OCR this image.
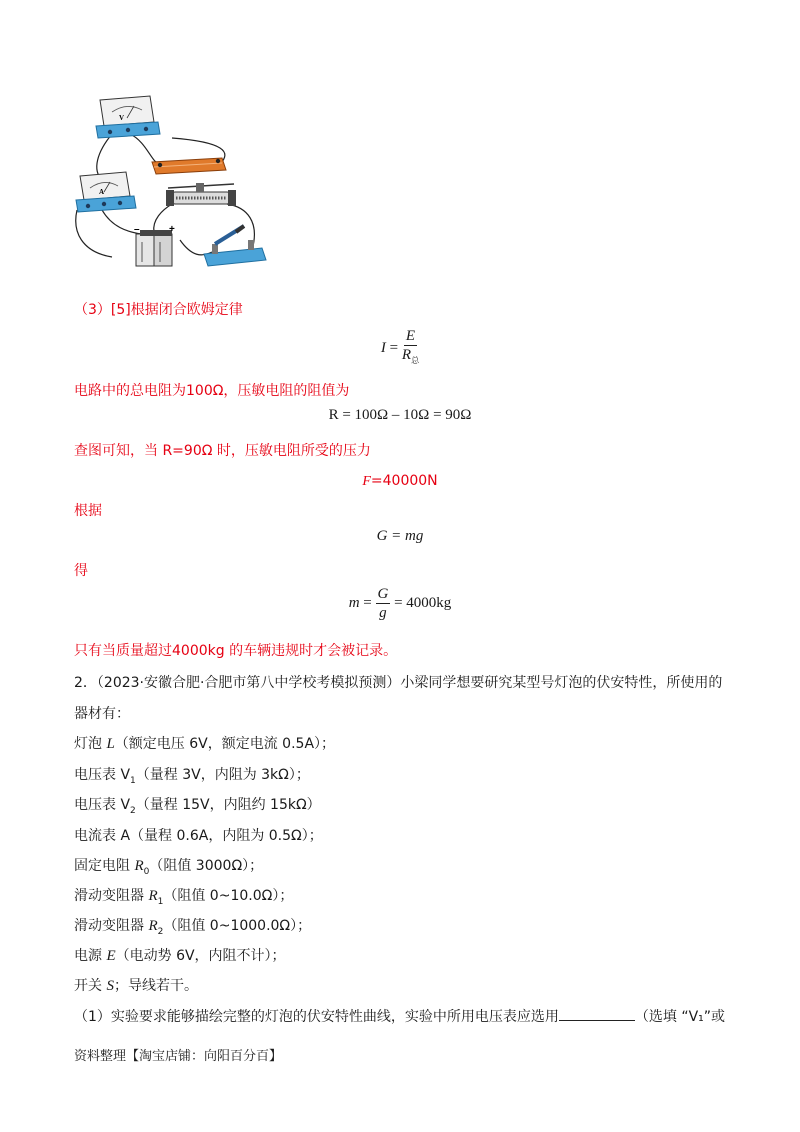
V
A
–	+
（3）[5]根据闭合欧姆定律
$I = \frac{E}{R_总}$
电路中的总电阻为100Ω，压敏电阻的阻值为
R = 100Ω – 10Ω = 90Ω
查图可知，当 R=90Ω 时，压敏电阻所受的压力
F=40000N
根据
G = mg
得
$m = \frac{G}{g} = 4000kg$
只有当质量超过4000kg 的车辆违规时才会被记录。
2．（2023·安徽合肥·合肥市第八中学校考模拟预测）小梁同学想要研究某型号灯泡的伏安特性，所使用的
器材有：
灯泡 L（额定电压 6V，额定电流 0.5A）；
电压表 $V_1$（量程 3V，内阻为 3kΩ）；
电压表 $V_2$（量程 15V，内阻约 15kΩ）
电流表 A（量程 0.6A，内阻为 0.5Ω）；
固定电阻 $R_0$（阻值 3000Ω）；
滑动变阻器 $R_1$（阻值 0~10.0Ω）；
滑动变阻器 $R_2$（阻值 0~1000.0Ω）；
电源 E（电动势 6V，内阻不计）；
开关 S；导线若干。
（1）实验要求能够描绘完整的灯泡的伏安特性曲线，实验中所用电压表应选用	（选填 “V₁”或
资料整理【淘宝店铺：向阳百分百】
